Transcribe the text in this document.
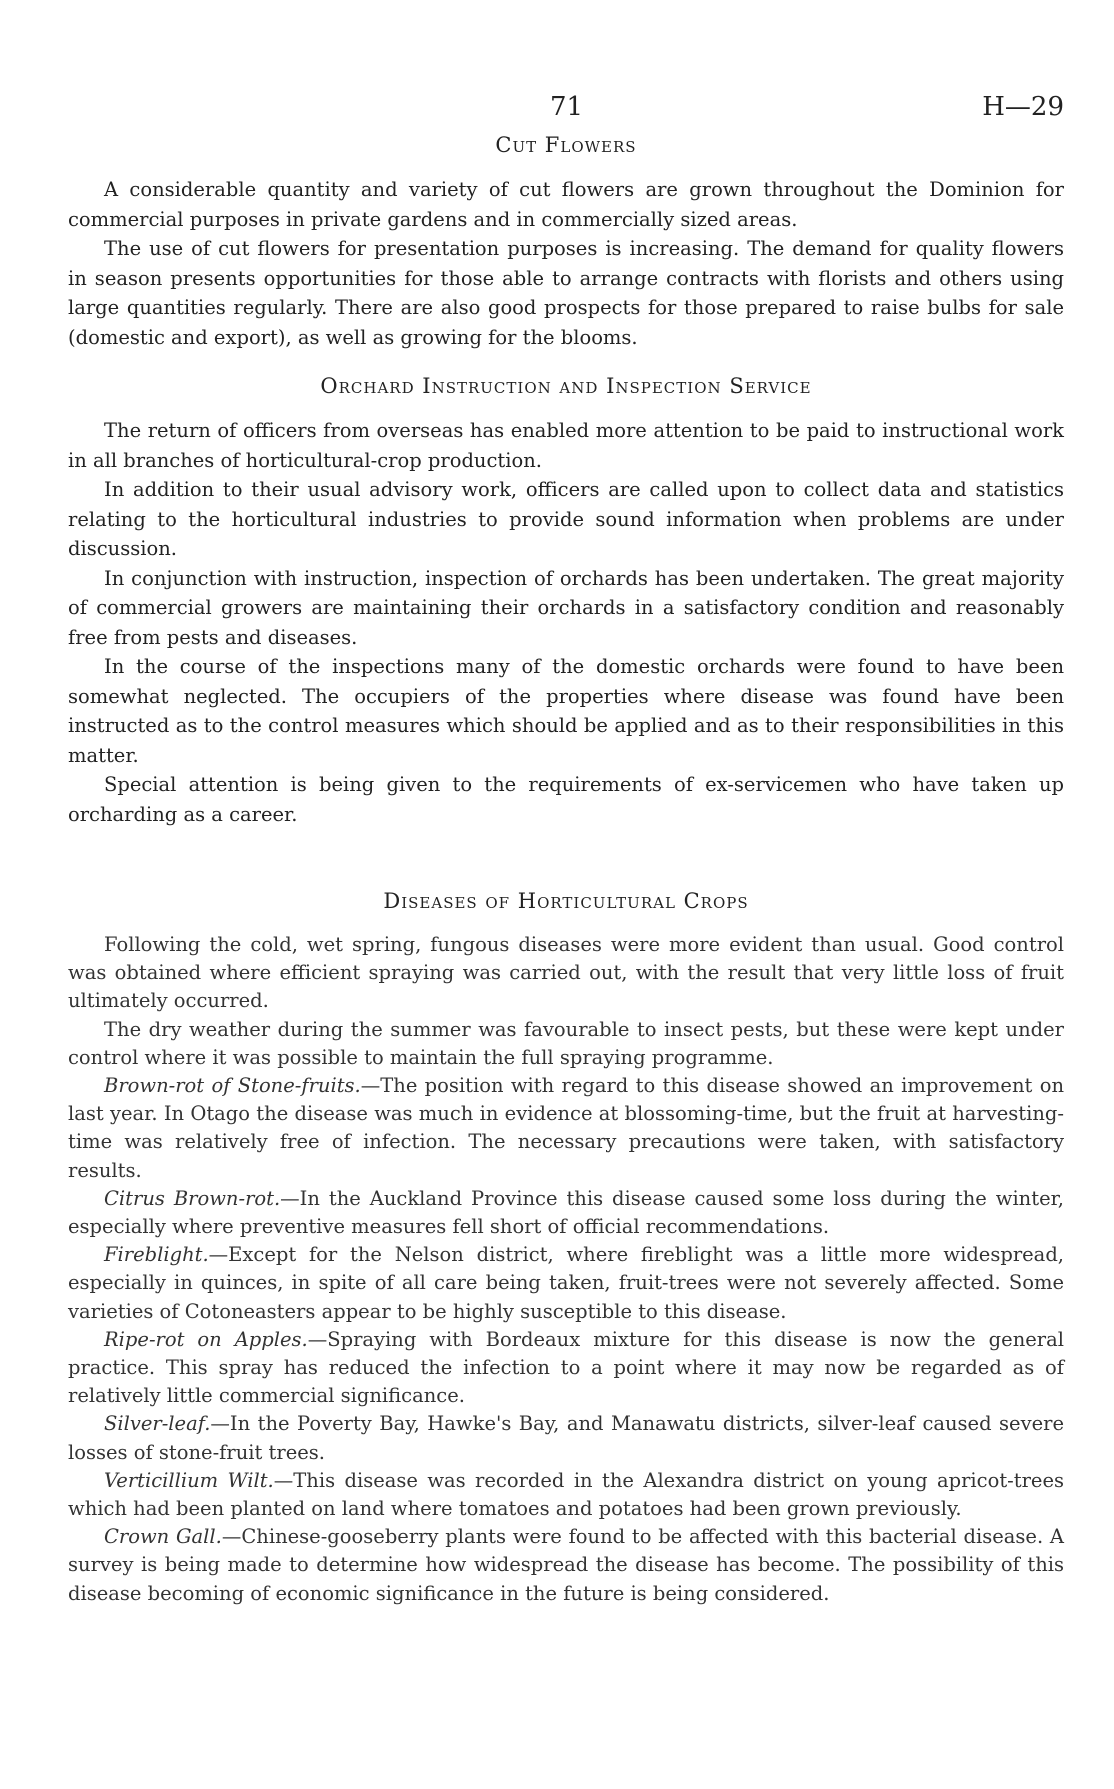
71	H—29
Cut Flowers

A considerable quantity and variety of cut flowers are grown throughout the Dominion for commercial purposes in private gardens and in commercially sized areas.

The use of cut flowers for presentation purposes is increasing. The demand for quality flowers in season presents opportunities for those able to arrange contracts with florists and others using large quantities regularly. There are also good prospects for those prepared to raise bulbs for sale (domestic and export), as well as growing for the blooms.

Orchard Instruction and Inspection Service

The return of officers from overseas has enabled more attention to be paid to instructional work in all branches of horticultural-crop production.

In addition to their usual advisory work, officers are called upon to collect data and statistics relating to the horticultural industries to provide sound information when problems are under discussion.

In conjunction with instruction, inspection of orchards has been undertaken. The great majority of commercial growers are maintaining their orchards in a satisfactory condition and reasonably free from pests and diseases.

In the course of the inspections many of the domestic orchards were found to have been somewhat neglected. The occupiers of the properties where disease was found have been instructed as to the control measures which should be applied and as to their responsibilities in this matter.

Special attention is being given to the requirements of ex-servicemen who have taken up orcharding as a career.

Diseases of Horticultural Crops

Following the cold, wet spring, fungous diseases were more evident than usual. Good control was obtained where efficient spraying was carried out, with the result that very little loss of fruit ultimately occurred.

The dry weather during the summer was favourable to insect pests, but these were kept under control where it was possible to maintain the full spraying programme.

Brown-rot of Stone-fruits.—The position with regard to this disease showed an improvement on last year. In Otago the disease was much in evidence at blossoming-time, but the fruit at harvesting-time was relatively free of infection. The necessary precautions were taken, with satisfactory results.

Citrus Brown-rot.—In the Auckland Province this disease caused some loss during the winter, especially where preventive measures fell short of official recommendations.

Fireblight.—Except for the Nelson district, where fireblight was a little more widespread, especially in quinces, in spite of all care being taken, fruit-trees were not severely affected. Some varieties of Cotoneasters appear to be highly susceptible to this disease.

Ripe-rot on Apples.—Spraying with Bordeaux mixture for this disease is now the general practice. This spray has reduced the infection to a point where it may now be regarded as of relatively little commercial significance.

Silver-leaf.—In the Poverty Bay, Hawke's Bay, and Manawatu districts, silver-leaf caused severe losses of stone-fruit trees.

Verticillium Wilt.—This disease was recorded in the Alexandra district on young apricot-trees which had been planted on land where tomatoes and potatoes had been grown previously.

Crown Gall.—Chinese-gooseberry plants were found to be affected with this bacterial disease. A survey is being made to determine how widespread the disease has become. The possibility of this disease becoming of economic significance in the future is being considered.
